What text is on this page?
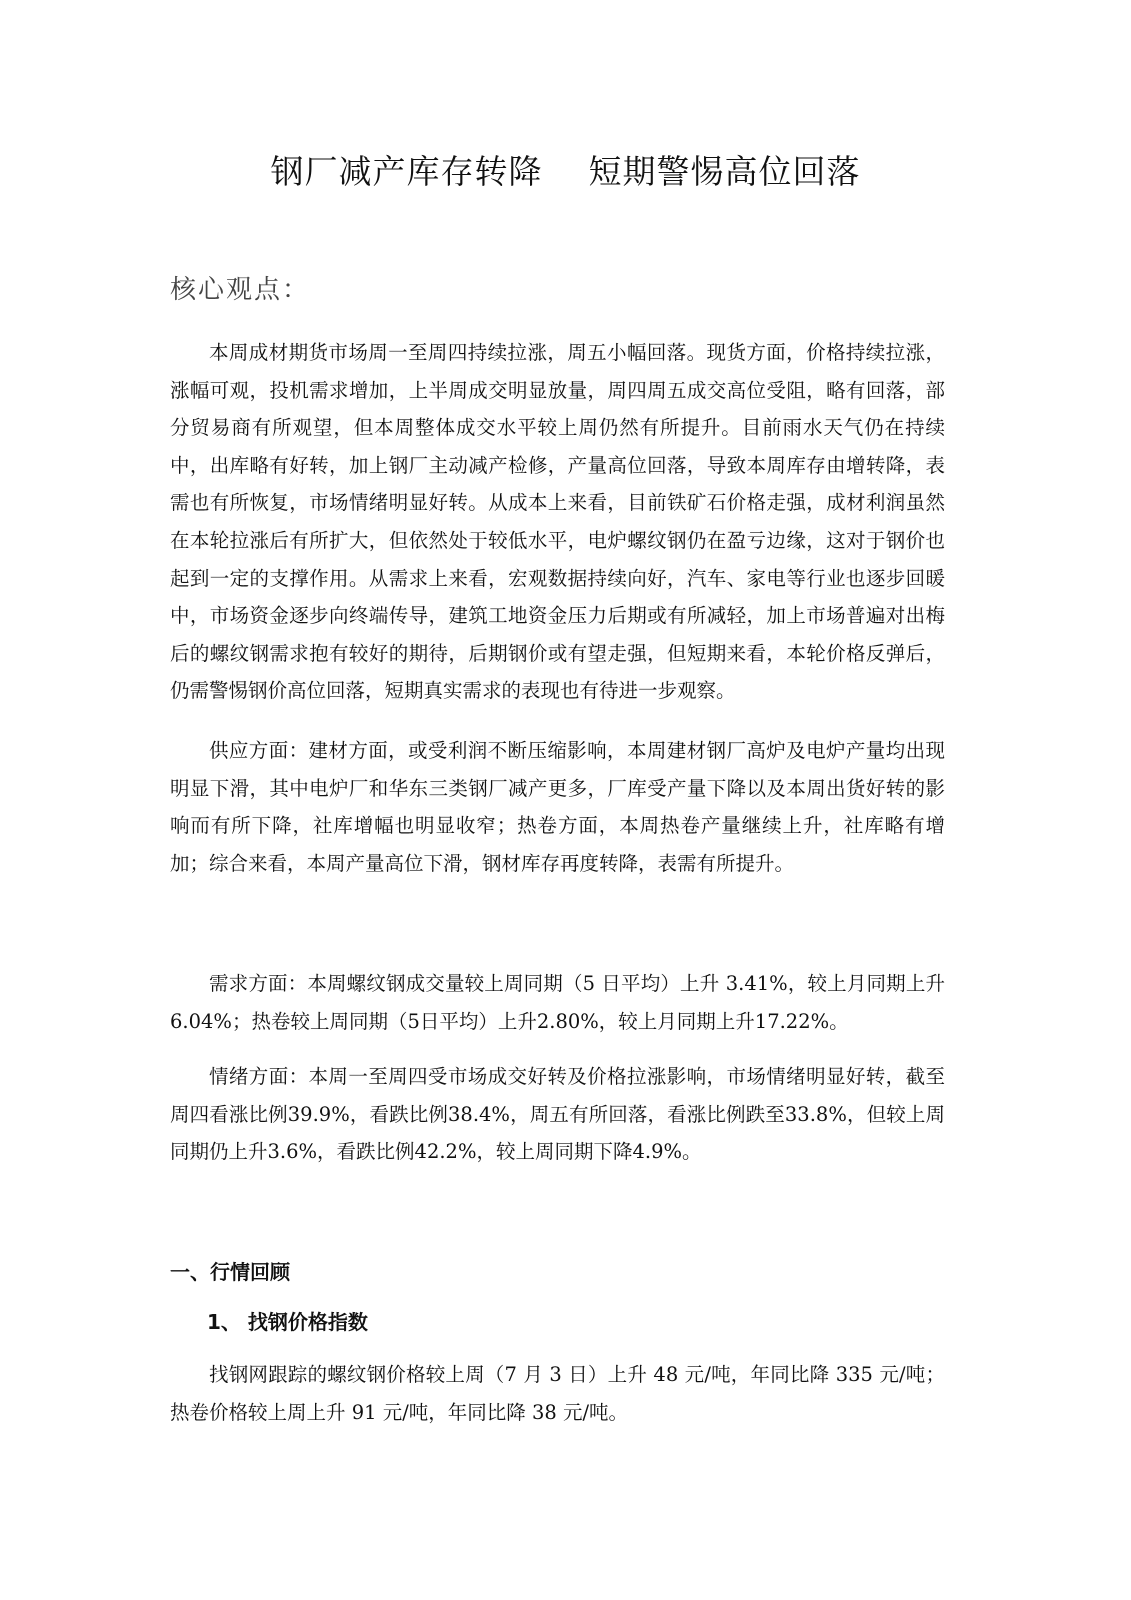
钢厂减产库存转降    短期警惕高位回落
核心观点：

本周成材期货市场周一至周四持续拉涨，周五小幅回落。现货方面，价格持续拉涨，涨幅可观，投机需求增加，上半周成交明显放量，周四周五成交高位受阻，略有回落，部分贸易商有所观望，但本周整体成交水平较上周仍然有所提升。目前雨水天气仍在持续中，出库略有好转，加上钢厂主动减产检修，产量高位回落，导致本周库存由增转降，表需也有所恢复，市场情绪明显好转。从成本上来看，目前铁矿石价格走强，成材利润虽然在本轮拉涨后有所扩大，但依然处于较低水平，电炉螺纹钢仍在盈亏边缘，这对于钢价也起到一定的支撑作用。从需求上来看，宏观数据持续向好，汽车、家电等行业也逐步回暖中，市场资金逐步向终端传导，建筑工地资金压力后期或有所减轻，加上市场普遍对出梅后的螺纹钢需求抱有较好的期待，后期钢价或有望走强，但短期来看，本轮价格反弹后，仍需警惕钢价高位回落，短期真实需求的表现也有待进一步观察。

供应方面：建材方面，或受利润不断压缩影响，本周建材钢厂高炉及电炉产量均出现明显下滑，其中电炉厂和华东三类钢厂减产更多，厂库受产量下降以及本周出货好转的影响而有所下降，社库增幅也明显收窄；热卷方面，本周热卷产量继续上升，社库略有增加；综合来看，本周产量高位下滑，钢材库存再度转降，表需有所提升。

需求方面：本周螺纹钢成交量较上周同期（5 日平均）上升 3.41%，较上月同期上升6.04%；热卷较上周同期（5日平均）上升2.80%，较上月同期上升17.22%。

情绪方面：本周一至周四受市场成交好转及价格拉涨影响，市场情绪明显好转，截至周四看涨比例39.9%，看跌比例38.4%，周五有所回落，看涨比例跌至33.8%，但较上周同期仍上升3.6%，看跌比例42.2%，较上周同期下降4.9%。

一、行情回顾
1、 找钢价格指数

找钢网跟踪的螺纹钢价格较上周（7 月 3 日）上升 48 元/吨，年同比降 335 元/吨；热卷价格较上周上升 91 元/吨，年同比降 38 元/吨。
